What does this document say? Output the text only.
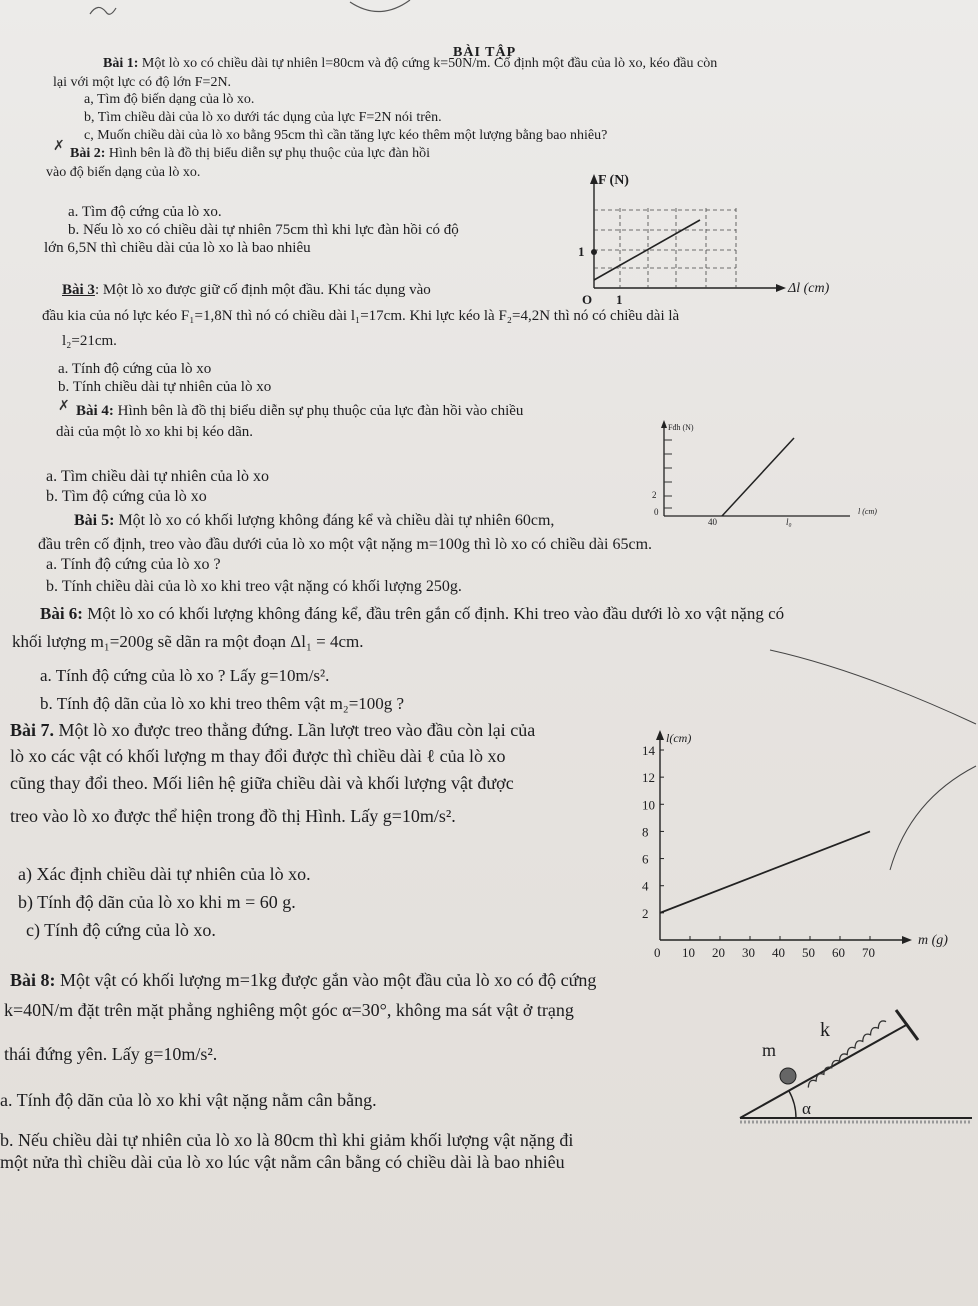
BÀI TẬP
Bài 1: Một lò xo có chiều dài tự nhiên l=80cm và độ cứng k=50N/m. Cố định một đầu của lò xo, kéo đầu còn
lại với một lực có độ lớn F=2N.
a, Tìm độ biến dạng của lò xo.
b, Tìm chiều dài của lò xo dưới tác dụng của lực F=2N nói trên.
c, Muốn chiều dài của lò xo bằng 95cm thì cần tăng lực kéo thêm một lượng bằng bao nhiêu?
✗ Bài 2: Hình bên là đồ thị biểu diễn sự phụ thuộc của lực đàn hồi
vào độ biến dạng của lò xo.
a. Tìm độ cứng của lò xo.
b. Nếu lò xo có chiều dài tự nhiên 75cm thì khi lực đàn hồi có độ
lớn 6,5N thì chiều dài của lò xo là bao nhiêu
F (N)
1
O 1
Δl (cm)
Bài 3: Một lò xo được giữ cố định một đầu. Khi tác dụng vào
đầu kia của nó lực kéo F₁=1,8N thì nó có chiều dài l₁=17cm. Khi lực kéo là F₂=4,2N thì nó có chiều dài là
l₂=21cm.
a. Tính độ cứng của lò xo
b. Tính chiều dài tự nhiên của lò xo
✗ Bài 4: Hình bên là đồ thị biểu diễn sự phụ thuộc của lực đàn hồi vào chiều
dài của một lò xo khi bị kéo dãn.
a. Tìm chiều dài tự nhiên của lò xo
b. Tìm độ cứng của lò xo
Fđh (N)
2
0
40	l₀
l (cm)
Bài 5: Một lò xo có khối lượng không đáng kể và chiều dài tự nhiên 60cm,
đầu trên cố định, treo vào đầu dưới của lò xo một vật nặng m=100g thì lò xo có chiều dài 65cm.
a. Tính độ cứng của lò xo ?
b. Tính chiều dài của lò xo khi treo vật nặng có khối lượng 250g.
Bài 6: Một lò xo có khối lượng không đáng kể, đầu trên gắn cố định. Khi treo vào đầu dưới lò xo vật nặng có
khối lượng m₁=200g sẽ dãn ra một đoạn Δl₁ = 4cm.
a. Tính độ cứng của lò xo ? Lấy g=10m/s².
b. Tính độ dãn của lò xo khi treo thêm vật m₂=100g ?
Bài 7. Một lò xo được treo thẳng đứng. Lần lượt treo vào đầu còn lại của
lò xo các vật có khối lượng m thay đổi được thì chiều dài ℓ của lò xo
cũng thay đổi theo. Mối liên hệ giữa chiều dài và khối lượng vật được
treo vào lò xo được thể hiện trong đồ thị Hình. Lấy g=10m/s².
a) Xác định chiều dài tự nhiên của lò xo.
b) Tính độ dãn của lò xo khi m = 60 g.
c) Tính độ cứng của lò xo.
2
4
6
8
10
12
14
10 20 30 40 50 60 70
0
l(cm)
m (g)
Bài 8: Một vật có khối lượng m=1kg được gắn vào một đầu của lò xo có độ cứng
k=40N/m đặt trên mặt phẳng nghiêng một góc α=30°, không ma sát vật ở trạng
thái đứng yên. Lấy g=10m/s².
a. Tính độ dãn của lò xo khi vật nặng nằm cân bằng.
b. Nếu chiều dài tự nhiên của lò xo là 80cm thì khi giảm khối lượng vật nặng đi
một nửa thì chiều dài của lò xo lúc vật nằm cân bằng có chiều dài là bao nhiêu
k
m
α
